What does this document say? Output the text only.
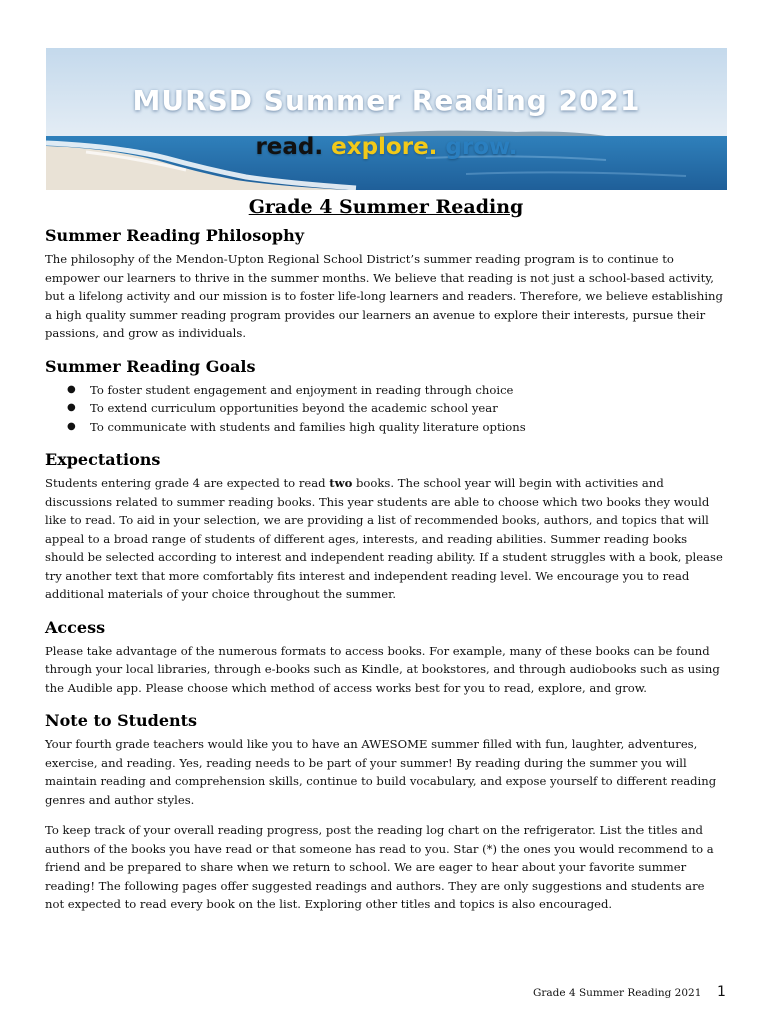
MURSD Summer Reading 2021
read. explore. grow.
Grade 4 Summer Reading
Summer Reading Philosophy

The philosophy of the Mendon-Upton Regional School District’s summer reading program is to continue to empower our learners to thrive in the summer months. We believe that reading is not just a school-based activity, but a lifelong activity and our mission is to foster life-long learners and readers. Therefore, we believe establishing a high quality summer reading program provides our learners an avenue to explore their interests, pursue their passions, and grow as individuals.

Summer Reading Goals
● To foster student engagement and enjoyment in reading through choice
● To extend curriculum opportunities beyond the academic school year
● To communicate with students and families high quality literature options
Expectations

Students entering grade 4 are expected to read two books. The school year will begin with activities and discussions related to summer reading books. This year students are able to choose which two books they would like to read. To aid in your selection, we are providing a list of recommended books, authors, and topics that will appeal to a broad range of students of different ages, interests, and reading abilities. Summer reading books should be selected according to interest and independent reading ability. If a student struggles with a book, please try another text that more comfortably fits interest and independent reading level. We encourage you to read additional materials of your choice throughout the summer.

Access

Please take advantage of the numerous formats to access books. For example, many of these books can be found through your local libraries, through e-books such as Kindle, at bookstores, and through audiobooks such as using the Audible app. Please choose which method of access works best for you to read, explore, and grow.

Note to Students

Your fourth grade teachers would like you to have an AWESOME summer filled with fun, laughter, adventures, exercise, and reading. Yes, reading needs to be part of your summer! By reading during the summer you will maintain reading and comprehension skills, continue to build vocabulary, and expose yourself to different reading genres and author styles.

To keep track of your overall reading progress, post the reading log chart on the refrigerator. List the titles and authors of the books you have read or that someone has read to you. Star (*) the ones you would recommend to a friend and be prepared to share when we return to school. We are eager to hear about your favorite summer reading! The following pages offer suggested readings and authors. They are only suggestions and students are not expected to read every book on the list. Exploring other titles and topics is also encouraged.

Grade 4 Summer Reading 2021 1
